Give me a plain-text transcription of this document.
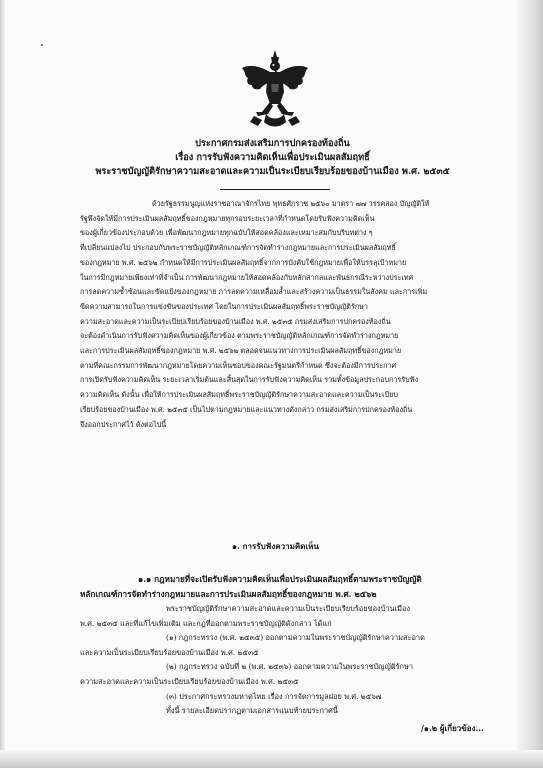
ประกาศกรมส่งเสริมการปกครองท้องถิ่น
เรื่อง การรับฟังความคิดเห็นเพื่อประเมินผลสัมฤทธิ์
พระราชบัญญัติรักษาความสะอาดและความเป็นระเบียบเรียบร้อยของบ้านเมือง พ.ศ. ๒๕๓๕
ด้วยรัฐธรรมนูญแห่งราชอาณาจักรไทย พุทธศักราช ๒๕๖๐ มาตรา ๗๗ วรรคสอง บัญญัติให้
รัฐพึงจัดให้มีการประเมินผลสัมฤทธิ์ของกฎหมายทุกรอบระยะเวลาที่กำหนดโดยรับฟังความคิดเห็น
ของผู้เกี่ยวข้องประกอบด้วย เพื่อพัฒนากฎหมายทุกฉบับให้สอดคล้องและเหมาะสมกับบริบทต่าง ๆ
ที่เปลี่ยนแปลงไป ประกอบกับพระราชบัญญัติหลักเกณฑ์การจัดทำร่างกฎหมายและการประเมินผลสัมฤทธิ์
ของกฎหมาย พ.ศ. ๒๕๖๒ กำหนดให้มีการประเมินผลสัมฤทธิ์จากการบังคับใช้กฎหมายเพื่อให้บรรลุเป้าหมาย
ในการมีกฎหมายเพียงเท่าที่จำเป็น การพัฒนากฎหมายให้สอดคล้องกับหลักสากลและพันธกรณีระหว่างประเทศ
การลดความซ้ำซ้อนและขัดแย้งของกฎหมาย การลดความเหลื่อมล้ำและสร้างความเป็นธรรมในสังคม และการเพิ่ม
ขีดความสามารถในการแข่งขันของประเทศ โดยในการประเมินผลสัมฤทธิ์พระราชบัญญัติรักษา
ความสะอาดและความเป็นระเบียบเรียบร้อยของบ้านเมือง พ.ศ. ๒๕๓๕ กรมส่งเสริมการปกครองท้องถิ่น
จะต้องดำเนินการรับฟังความคิดเห็นของผู้เกี่ยวข้อง ตามพระราชบัญญัติหลักเกณฑ์การจัดทำร่างกฎหมาย
และการประเมินผลสัมฤทธิ์ของกฎหมาย พ.ศ. ๒๕๖๒ ตลอดจนแนวทางการประเมินผลสัมฤทธิ์ของกฎหมาย
ตามที่คณะกรรมการพัฒนากฎหมายโดยความเห็นชอบของคณะรัฐมนตรีกำหนด ซึ่งจะต้องมีการประกาศ
การเปิดรับฟังความคิดเห็น ระยะเวลาเริ่มต้นและสิ้นสุดในการรับฟังความคิดเห็น รวมทั้งข้อมูลประกอบการรับฟัง
ความคิดเห็น ดังนั้น เพื่อให้การประเมินผลสัมฤทธิ์พระราชบัญญัติรักษาความสะอาดและความเป็นระเบียบ
เรียบร้อยของบ้านเมือง พ.ศ. ๒๕๓๕ เป็นไปตามกฎหมายและแนวทางดังกล่าว กรมส่งเสริมการปกครองท้องถิ่น
จึงออกประกาศไว้ ดังต่อไปนี้
๑. การรับฟังความคิดเห็น
๑.๑ กฎหมายที่จะเปิดรับฟังความคิดเห็นเพื่อประเมินผลสัมฤทธิ์ตามพระราชบัญญัติ
หลักเกณฑ์การจัดทำร่างกฎหมายและการประเมินผลสัมฤทธิ์ของกฎหมาย พ.ศ. ๒๕๖๒
พระราชบัญญัติรักษาความสะอาดและความเป็นระเบียบเรียบร้อยของบ้านเมือง
พ.ศ. ๒๕๓๕ และที่แก้ไขเพิ่มเติม และกฎที่ออกตามพระราชบัญญัติดังกล่าว ได้แก่
(๑) กฎกระทรวง (พ.ศ. ๒๕๓๕) ออกตามความในพระราชบัญญัติรักษาความสะอาด
และความเป็นระเบียบเรียบร้อยของบ้านเมือง พ.ศ. ๒๕๓๕
(๒) กฎกระทรวง ฉบับที่ ๒ (พ.ศ. ๒๕๓๖) ออกตามความในพระราชบัญญัติรักษา
ความสะอาดและความเป็นระเบียบเรียบร้อยของบ้านเมือง พ.ศ. ๒๕๓๕
(๓) ประกาศกระทรวงมหาดไทย เรื่อง การจัดการมูลฝอย พ.ศ. ๒๕๖๗
ทั้งนี้ รายละเอียดปรากฏตามเอกสารแนบท้ายประกาศนี้
/๑.๒ ผู้เกี่ยวข้อง...
